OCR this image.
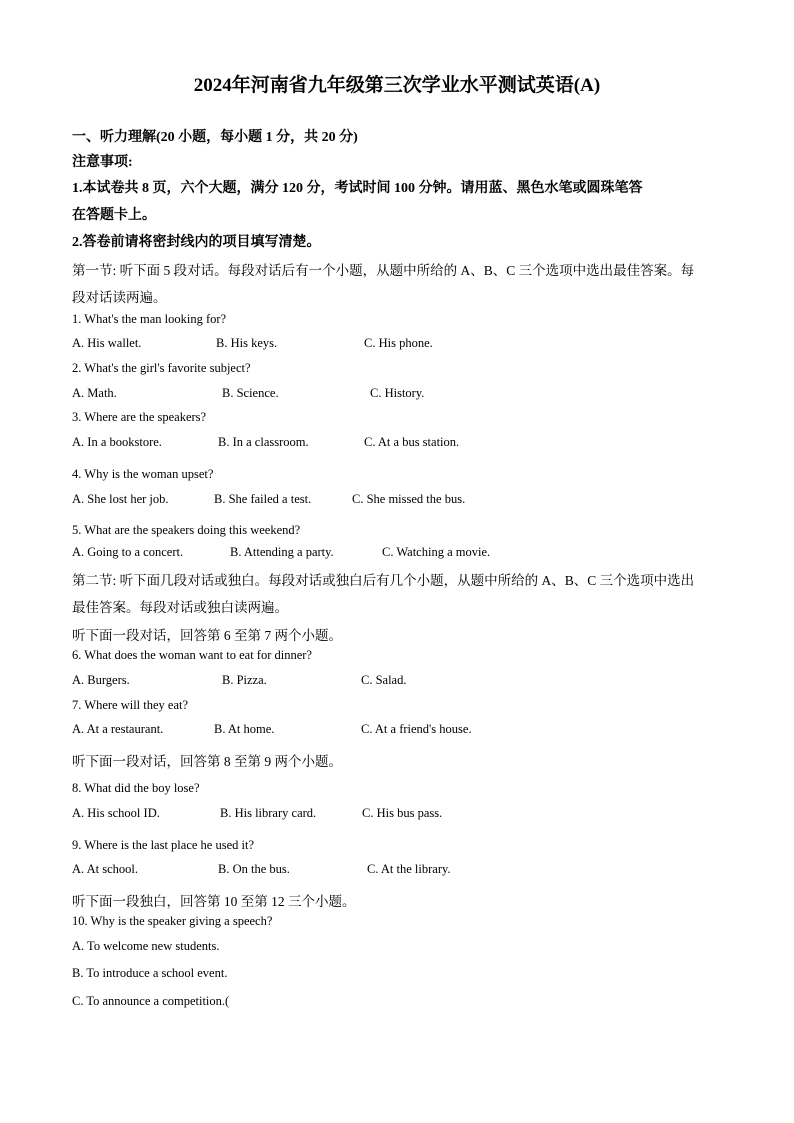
2024年河南省九年级第三次学业水平测试英语(A)
一、听力理解(20 小题，每小题 1 分，共 20 分)
注意事项:
1.本试卷共 8 页，六个大题，满分 120 分，考试时间 100 分钟。请用蓝、黑色水笔或圆珠笔答
在答题卡上。
2.答卷前请将密封线内的项目填写清楚。
第一节: 听下面 5 段对话。每段对话后有一个小题，从题中所给的 A、B、C 三个选项中选出最佳答案。每
段对话读两遍。
1. What's the man looking for?
A. His wallet.	B. His keys.	C. His phone.
2. What's the girl's favorite subject?
A. Math.	B. Science.	C. History.
3. Where are the speakers?
A. In a bookstore.	B. In a classroom.	C. At a bus station.
4. Why is the woman upset?
A. She lost her job.	B. She failed a test.	C. She missed the bus.
5. What are the speakers doing this weekend?
A. Going to a concert.	B. Attending a party.	C. Watching a movie.
第二节: 听下面几段对话或独白。每段对话或独白后有几个小题，从题中所给的 A、B、C 三个选项中选出
最佳答案。每段对话或独白读两遍。
听下面一段对话，回答第 6 至第 7 两个小题。
6. What does the woman want to eat for dinner?
A. Burgers.	B. Pizza.	C. Salad.
7. Where will they eat?
A. At a restaurant.	B. At home.	C. At a friend's house.
听下面一段对话，回答第 8 至第 9 两个小题。
8. What did the boy lose?
A. His school ID.	B. His library card.	C. His bus pass.
9. Where is the last place he used it?
A. At school.	B. On the bus.	C. At the library.
听下面一段独白，回答第 10 至第 12 三个小题。
10. Why is the speaker giving a speech?
A. To welcome new students.
B. To introduce a school event.
C. To announce a competition.(
